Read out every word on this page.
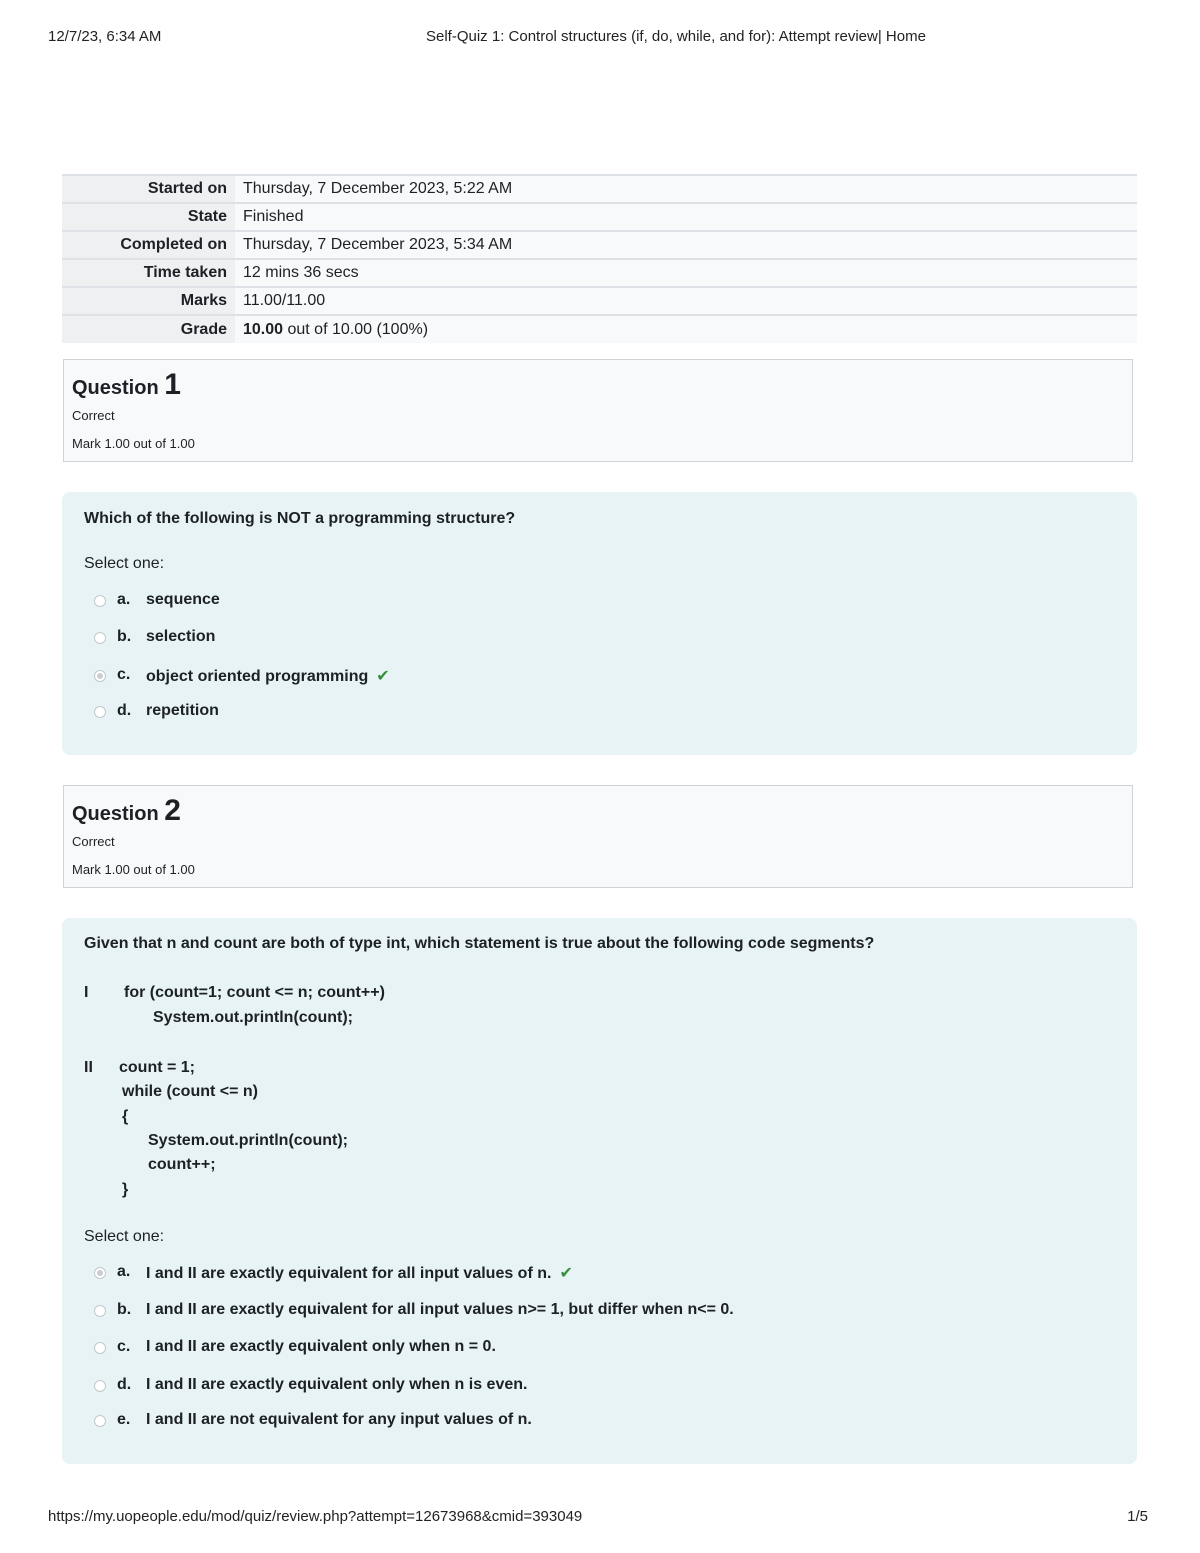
12/7/23, 6:34 AM	Self-Quiz 1: Control structures (if, do, while, and for): Attempt review| Home
Started on	Thursday, 7 December 2023, 5:22 AM
State	Finished
Completed on	Thursday, 7 December 2023, 5:34 AM
Time taken	12 mins 36 secs
Marks	11.00/11.00
Grade	10.00 out of 10.00 (100%)
Question 1
Correct
Mark 1.00 out of 1.00
Which of the following is NOT a programming structure?
Select one:
a. sequence
b. selection
c. object oriented programming ✔
d. repetition
Question 2
Correct
Mark 1.00 out of 1.00
Given that n and count are both of type int, which statement is true about the following code segments?
I for (count=1; count <= n; count++)
System.out.println(count);
II count = 1;
while (count <= n)
{
System.out.println(count);
count++;
}
Select one:
a. I and II are exactly equivalent for all input values of n. ✔
b. I and II are exactly equivalent for all input values n>= 1, but differ when n<= 0.
c. I and II are exactly equivalent only when n = 0.
d. I and II are exactly equivalent only when n is even.
e. I and II are not equivalent for any input values of n.
https://my.uopeople.edu/mod/quiz/review.php?attempt=12673968&cmid=393049	1/5
